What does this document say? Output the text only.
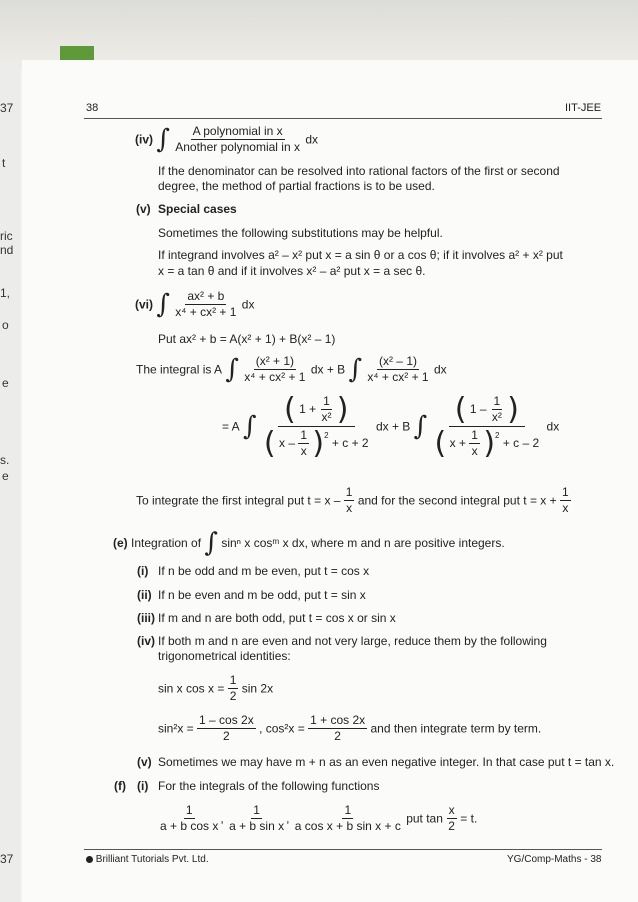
37
t
ric
nd
1,
o
e
s.
e
37
38	IIT-JEE
(iv) ∫ $\frac{\text{A polynomial in x}}{\text{Another polynomial in x}}$ dx
If the denominator can be resolved into rational factors of the first or second
degree, the method of partial fractions is to be used.
(v) Special cases
Sometimes the following substitutions may be helpful.
If integrand involves a² – x² put x = a sin θ or a cos θ; if it involves a² + x² put
x = a tan θ and if it involves x² – a² put x = a sec θ.
(vi) ∫ $\frac{\text{ax² + b}}{\text{x⁴ + cx² + 1}}$ dx
Put ax² + b = A(x² + 1) + B(x² – 1)
The integral is A ∫ $\frac{\text{(x² + 1)}}{\text{x⁴ + cx² + 1}}$ dx + B ∫ $\frac{\text{(x² – 1)}}{\text{x⁴ + cx² + 1}}$ dx
= A ∫ $\frac{( 1 + \frac{1}{\text{x²}} )}{( x - \frac{1}{x} )^2 + c + 2}$ dx + B ∫ $\frac{( 1 - \frac{1}{\text{x²}} )}{( x + \frac{1}{x} )^2 + c - 2}$ dx
To integrate the first integral put $t = x - \frac{1}{x}$ and for the second integral put $t = x + \frac{1}{x}$
(e) Integration of ∫ sinⁿ x cosᵐ x dx, where m and n are positive integers.
(i) If n be odd and m be even, put t = cos x
(ii) If n be even and m be odd, put t = sin x
(iii) If m and n are both odd, put t = cos x or sin x
(iv) If both m and n are even and not very large, reduce them by the following
trigonometrical identities:
sin x $\cos x = \frac{1}{2}$ sin 2x
$\sin^2x = \frac{1 - \cos 2x}{2}$ , $\cos^2x = \frac{1 + \cos 2x}{2}$ and then integrate term by term.
(v) Sometimes we may have m + n as an even negative integer. In that case put t = tan x.
(f) (i) For the integrals of the following functions
$\frac{1}{\text{a + b cos x}}$ , $\frac{1}{\text{a + b sin x}}$ , $\frac{1}{\text{a cos x + b sin x + c}}$ put $\tan \frac{x}{2} = t$.
Brilliant Tutorials Pvt. Ltd.	YG/Comp-Maths - 38
